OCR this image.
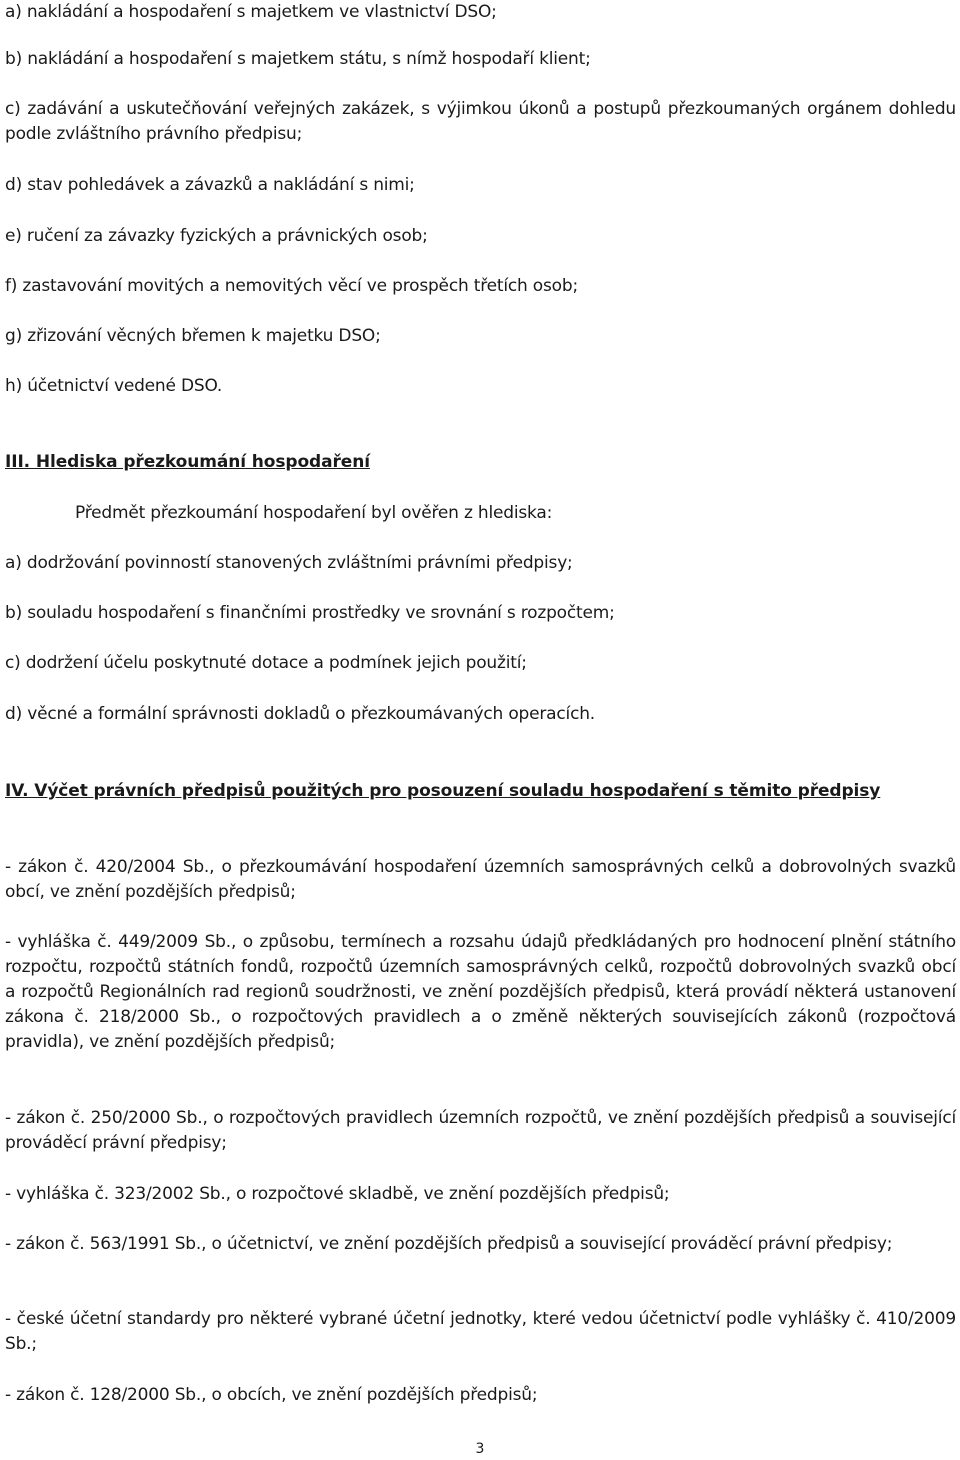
a) nakládání a hospodaření s majetkem ve vlastnictví DSO;
b) nakládání a hospodaření s majetkem státu, s nímž hospodaří klient;
c) zadávání a uskutečňování veřejných zakázek, s výjimkou úkonů a postupů přezkoumaných orgánem dohledu podle zvláštního právního předpisu;
d) stav pohledávek a závazků a nakládání s nimi;
e) ručení za závazky fyzických a právnických osob;
f) zastavování movitých a nemovitých věcí ve prospěch třetích osob;
g) zřizování věcných břemen k majetku DSO;
h) účetnictví vedené DSO.
III. Hlediska přezkoumání hospodaření
Předmět přezkoumání hospodaření byl ověřen z hlediska:
a) dodržování povinností stanovených zvláštními právními předpisy;
b) souladu hospodaření s finančními prostředky ve srovnání s rozpočtem;
c) dodržení účelu poskytnuté dotace a podmínek jejich použití;
d) věcné a formální správnosti dokladů o přezkoumávaných operacích.
IV. Výčet právních předpisů použitých pro posouzení souladu hospodaření s těmito předpisy
- zákon č. 420/2004 Sb., o přezkoumávání hospodaření územních samosprávných celků a dobrovolných svazků obcí, ve znění pozdějších předpisů;
- vyhláška č. 449/2009 Sb., o způsobu, termínech a rozsahu údajů předkládaných pro hodnocení plnění státního rozpočtu, rozpočtů státních fondů, rozpočtů územních samosprávných celků, rozpočtů dobrovolných svazků obcí a rozpočtů Regionálních rad regionů soudržnosti, ve znění pozdějších předpisů, která provádí některá ustanovení zákona č. 218/2000 Sb., o rozpočtových pravidlech a o změně některých souvisejících zákonů (rozpočtová pravidla), ve znění pozdějších předpisů;
- zákon č. 250/2000 Sb., o rozpočtových pravidlech územních rozpočtů, ve znění pozdějších předpisů a související prováděcí právní předpisy;
- vyhláška č. 323/2002 Sb., o rozpočtové skladbě, ve znění pozdějších předpisů;
- zákon č. 563/1991 Sb., o účetnictví, ve znění pozdějších předpisů a související prováděcí právní předpisy;
- české účetní standardy pro některé vybrané účetní jednotky, které vedou účetnictví podle vyhlášky č. 410/2009 Sb.;
- zákon č. 128/2000 Sb., o obcích, ve znění pozdějších předpisů;
3
